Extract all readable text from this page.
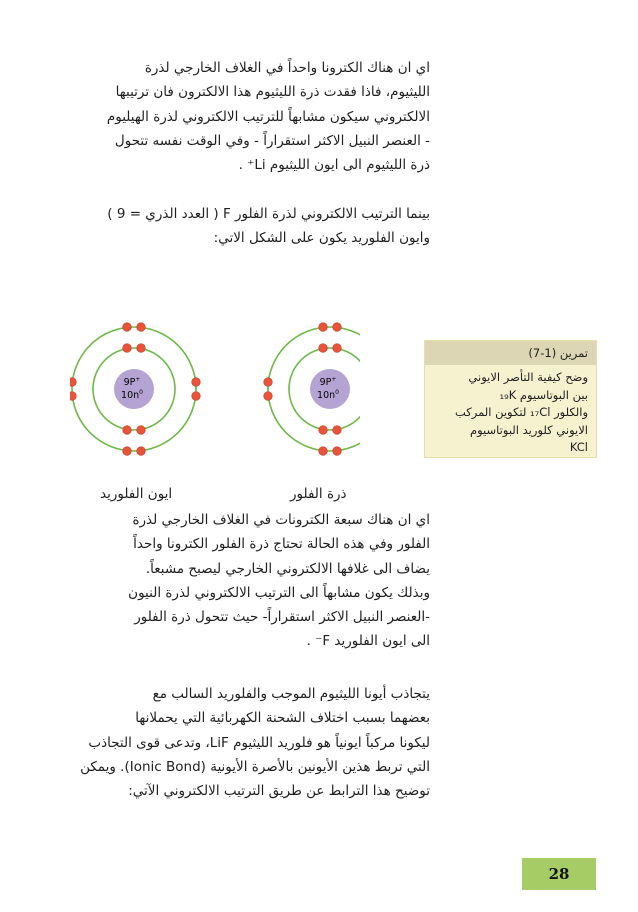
اي ان هناك الكترونا واحداً في الغلاف الخارجي لذرة

الليثيوم، فاذا فقدت ذرة الليثيوم هذا الالكترون فان ترتيبها

الالكتروني سيكون مشابهاً للترتيب الالكتروني لذرة الهيليوم

- العنصر النبيل الاكثر استقراراً - وفي الوقت نفسه تتحول

ذرة الليثيوم الى ايون الليثيوم Li⁺ .

بينما الترتيب الالكتروني لذرة الفلور F ( العدد الذري = 9 )

وايون الفلوريد يكون على الشكل الاتي:

تمرين (1-7)
وضح كيفية التأصر الايوني
بين البوتاسيوم ₁₉K
والكلور ₁₇Cl لتكوين المركب
الايوني كلوريد البوتاسيوم
KCl
9P+
$10n^0$
9P+
$10n^0$
ايون الفلوريد	ذرة الفلور

اي ان هناك سبعة الكترونات في الغلاف الخارجي لذرة

الفلور وفي هذه الحالة تحتاج ذرة الفلور الكترونا واحداً

يضاف الى غلافها الالكتروني الخارجي ليصبح مشبعاً.

وبذلك يكون مشابهاً الى الترتيب الالكتروني لذرة النيون

-العنصر النبيل الاكثر استقراراً- حيث تتحول ذرة الفلور

الى ايون الفلوريد F⁻ .

يتجاذب أيونا الليثيوم الموجب والفلوريد السالب مع

بعضهما بسبب اختلاف الشحنة الكهربائية التي يحملانها

ليكونا مركباً ايونياً هو فلوريد الليثيوم LiF، وتدعى قوى التجاذب

التي تربط هذين الأيونين بالأصرة الأيونية (Ionic Bond). ويمكن

توضيح هذا الترابط عن طريق الترتيب الالكتروني الآتي:

28
